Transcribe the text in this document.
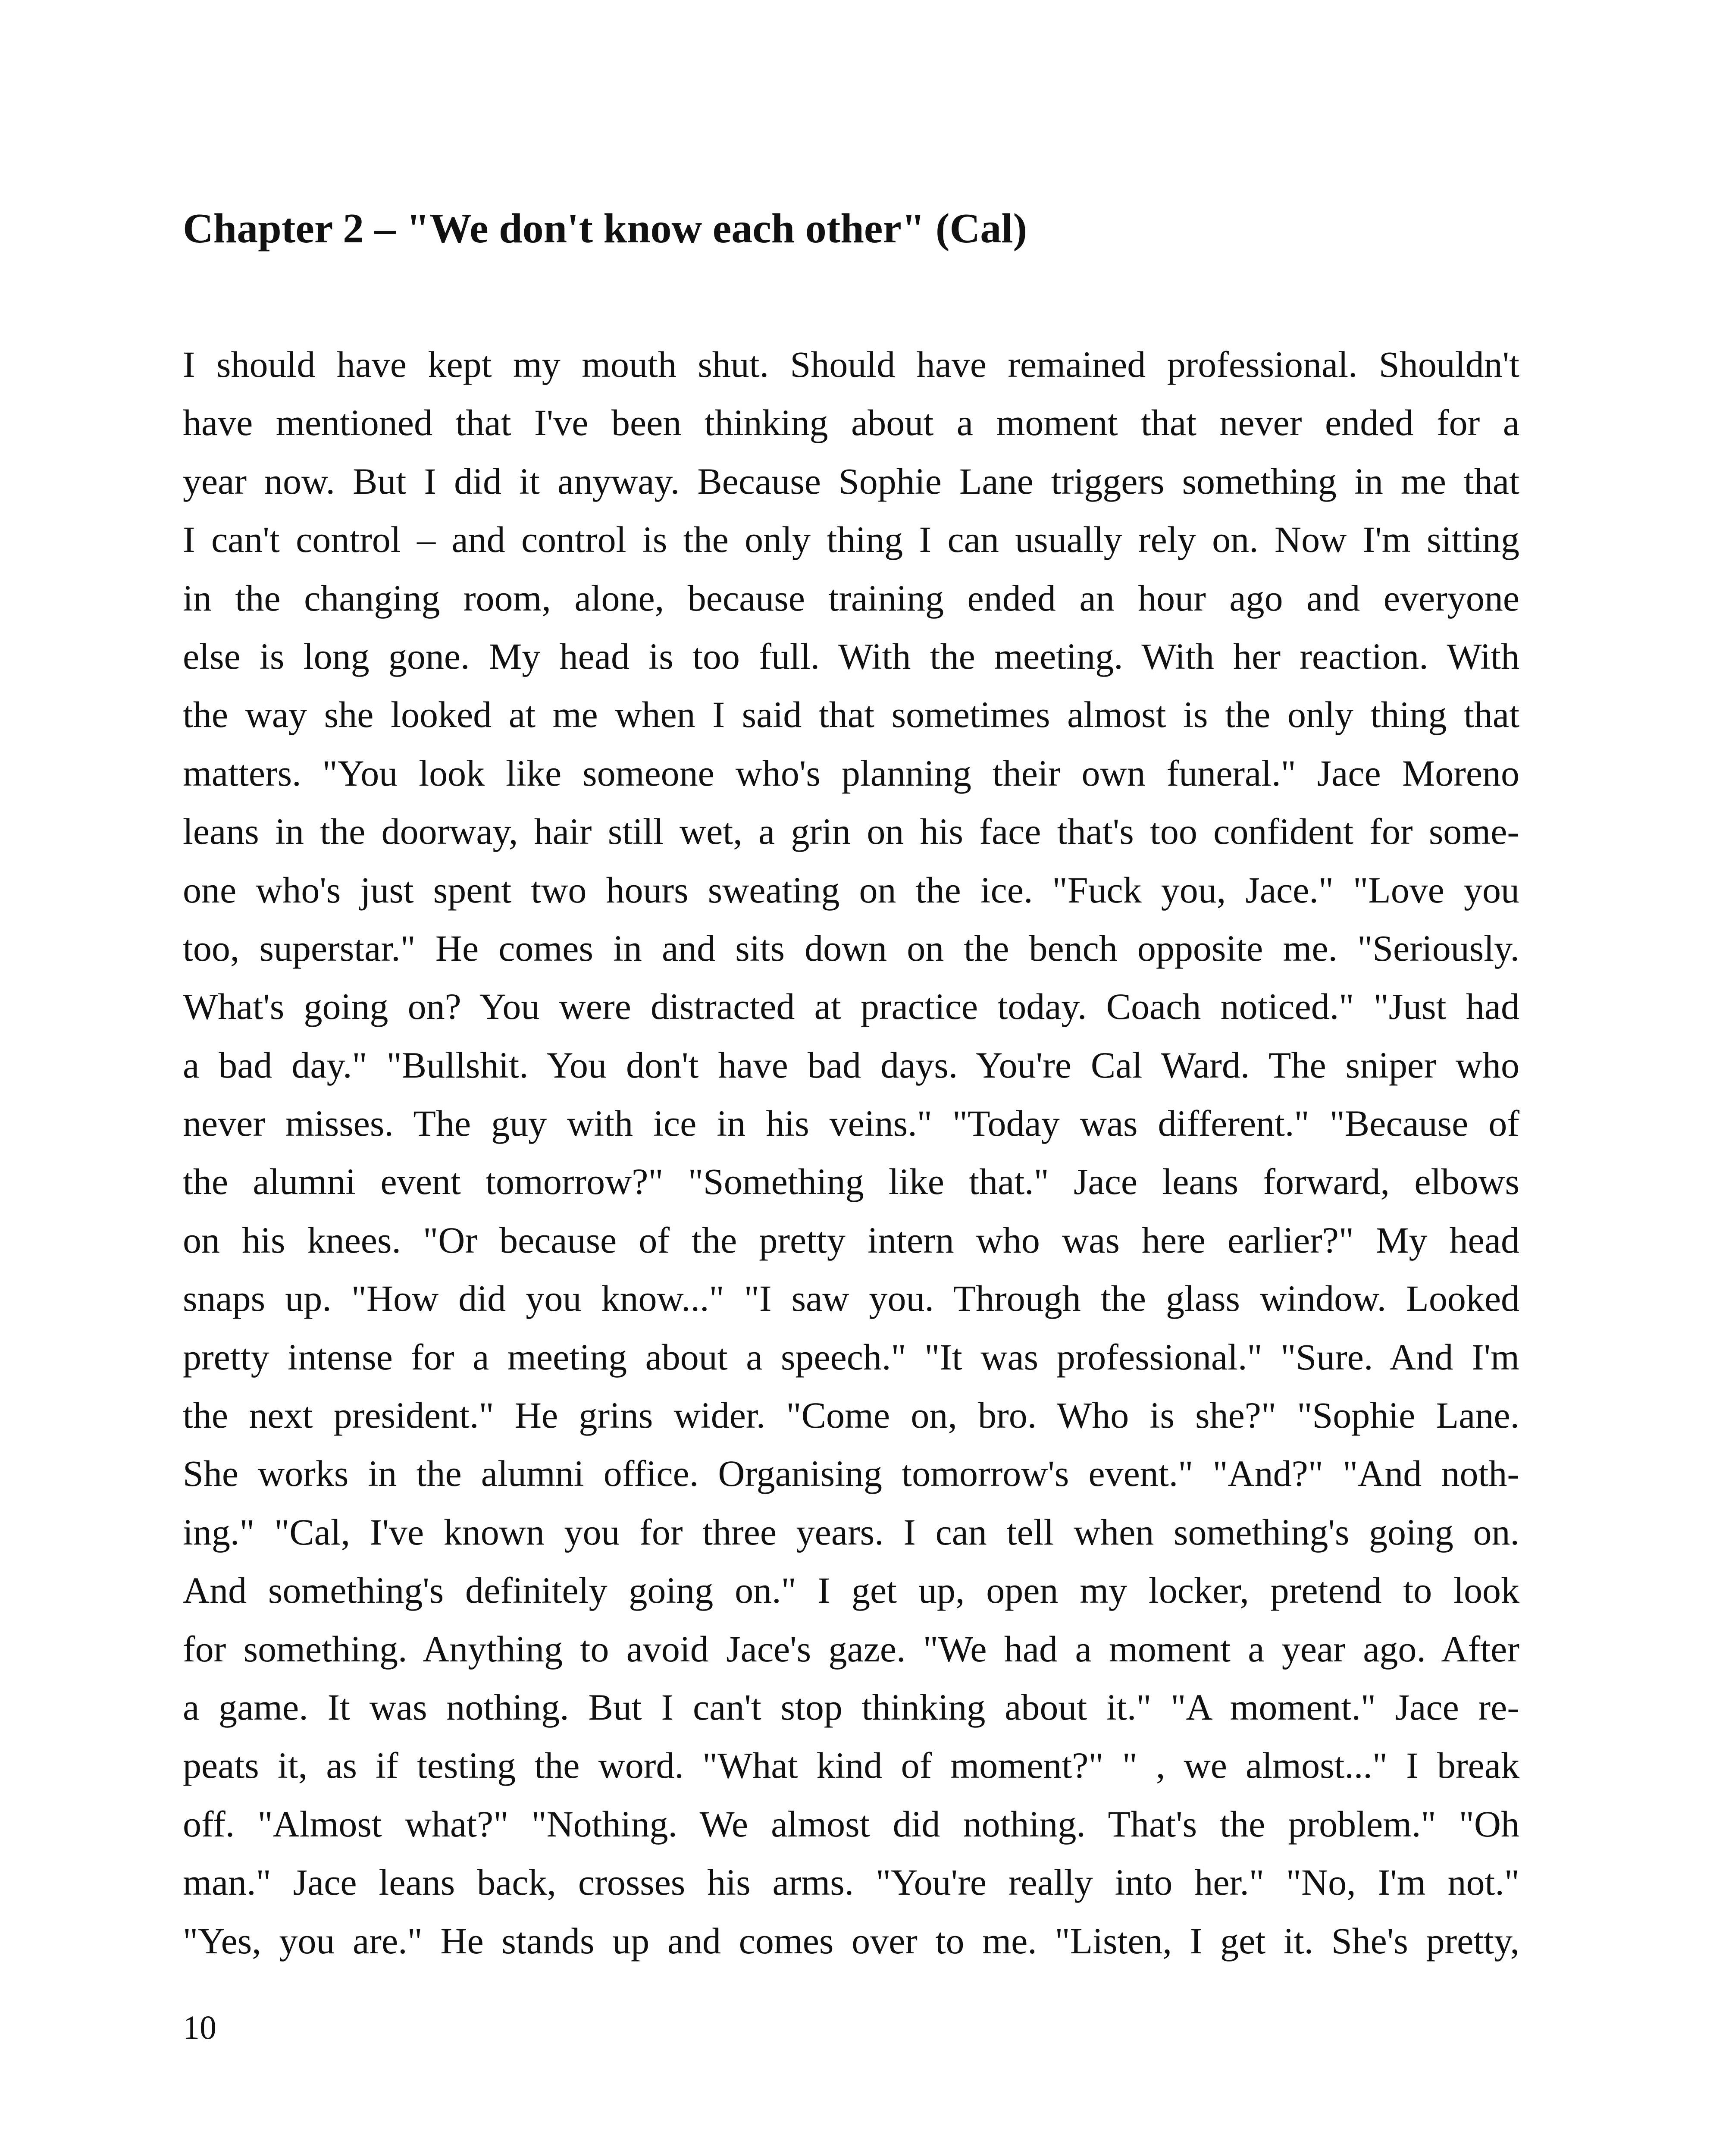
Chapter 2 – "We don't know each other" (Cal)
I should have kept my mouth shut. Should have remained professional. Shouldn't
have mentioned that I've been thinking about a moment that never ended for a
year now. But I did it anyway. Because Sophie Lane triggers something in me that
I can't control – and control is the only thing I can usually rely on. Now I'm sitting
in the changing room, alone, because training ended an hour ago and everyone
else is long gone. My head is too full. With the meeting. With her reaction. With
the way she looked at me when I said that sometimes almost is the only thing that
matters. "You look like someone who's planning their own funeral." Jace Moreno
leans in the doorway, hair still wet, a grin on his face that's too confident for some-
one who's just spent two hours sweating on the ice. "Fuck you, Jace." "Love you
too, superstar." He comes in and sits down on the bench opposite me. "Seriously.
What's going on? You were distracted at practice today. Coach noticed." "Just had
a bad day." "Bullshit. You don't have bad days. You're Cal Ward. The sniper who
never misses. The guy with ice in his veins." "Today was different." "Because of
the alumni event tomorrow?" "Something like that." Jace leans forward, elbows
on his knees. "Or because of the pretty intern who was here earlier?" My head
snaps up. "How did you know..." "I saw you. Through the glass window. Looked
pretty intense for a meeting about a speech." "It was professional." "Sure. And I'm
the next president." He grins wider. "Come on, bro. Who is she?" "Sophie Lane.
She works in the alumni office. Organising tomorrow's event." "And?" "And noth-
ing." "Cal, I've known you for three years. I can tell when something's going on.
And something's definitely going on." I get up, open my locker, pretend to look
for something. Anything to avoid Jace's gaze. "We had a moment a year ago. After
a game. It was nothing. But I can't stop thinking about it." "A moment." Jace re-
peats it, as if testing the word. "What kind of moment?" " , we almost..." I break
off. "Almost what?" "Nothing. We almost did nothing. That's the problem." "Oh
man." Jace leans back, crosses his arms. "You're really into her." "No, I'm not."
"Yes, you are." He stands up and comes over to me. "Listen, I get it. She's pretty,
10
